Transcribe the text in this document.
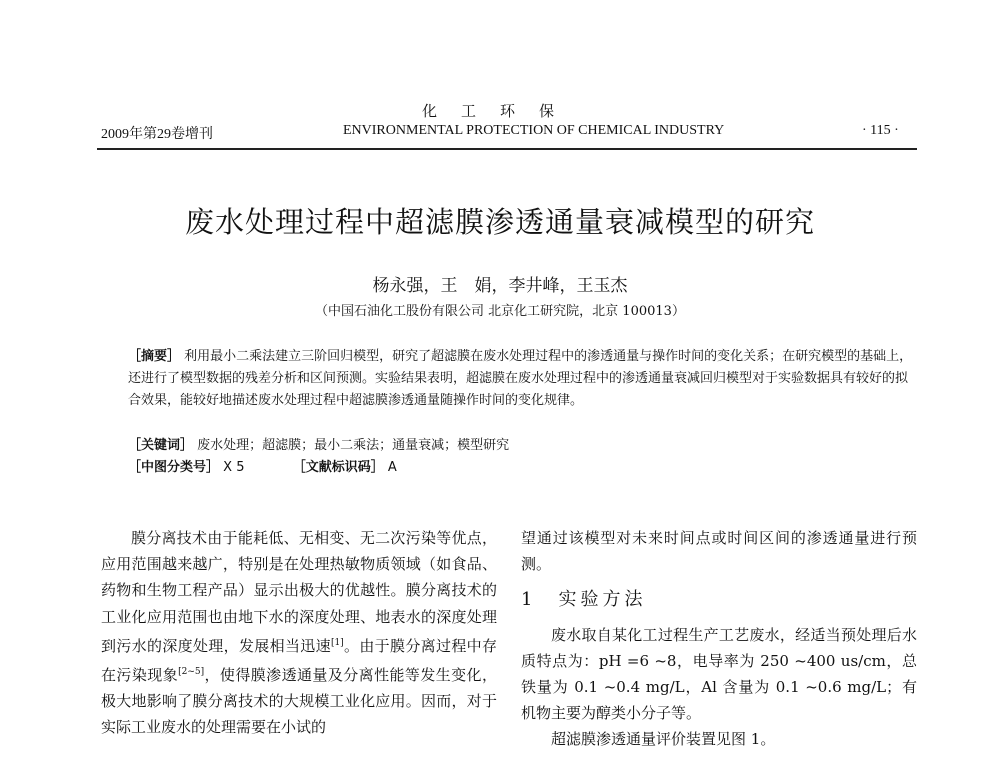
化工环保
2009年第29卷增刊	ENVIRONMENTAL PROTECTION OF CHEMICAL INDUSTRY	· 115 ·
废水处理过程中超滤膜渗透通量衰减模型的研究
杨永强，王　娟，李井峰，王玉杰
（中国石油化工股份有限公司 北京化工研究院，北京 100013）
［摘要］ 利用最小二乘法建立三阶回归模型，研究了超滤膜在废水处理过程中的渗透通量与操作时间的变化关系；在研究模型的基础上，还进行了模型数据的残差分析和区间预测。实验结果表明，超滤膜在废水处理过程中的渗透通量衰减回归模型对于实验数据具有较好的拟合效果，能较好地描述废水处理过程中超滤膜渗透通量随操作时间的变化规律。
［关键词］ 废水处理；超滤膜；最小二乘法；通量衰减；模型研究
［中图分类号］ X 5	［文献标识码］ A

膜分离技术由于能耗低、无相变、无二次污染等优点，应用范围越来越广，特别是在处理热敏物质领域（如食品、药物和生物工程产品）显示出极大的优越性。膜分离技术的工业化应用范围也由地下水的深度处理、地表水的深度处理到污水的深度处理，发展相当迅速[1]。由于膜分离过程中存在污染现象[2~5]，使得膜渗透通量及分离性能等发生变化，极大地影响了膜分离技术的大规模工业化应用。因而，对于实际工业废水的处理需要在小试的

望通过该模型对未来时间点或时间区间的渗透通量进行预测。

1　实验方法

废水取自某化工过程生产工艺废水，经适当预处理后水质特点为：pH =6 ~8，电导率为 250 ~400 us/cm，总铁量为 0.1 ~0.4 mg/L，Al 含量为 0.1 ~0.6 mg/L；有机物主要为醇类小分子等。

超滤膜渗透通量评价装置见图 1。
